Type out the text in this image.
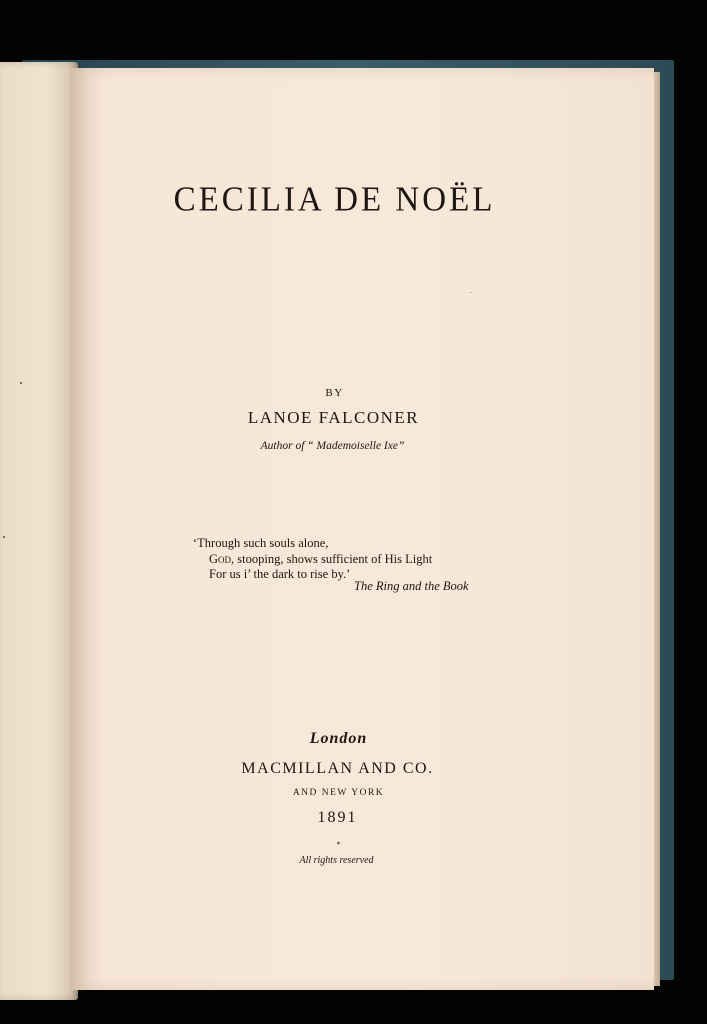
CECILIA DE NOËL
BY
LANOE FALCONER
Author of “ Mademoiselle Ixe”
‘Through such souls alone,
God, stooping, shows sufficient of His Light
For us i’ the dark to rise by.’
The Ring and the Book
London
MACMILLAN AND CO.
AND NEW YORK
1891
*
All rights reserved
